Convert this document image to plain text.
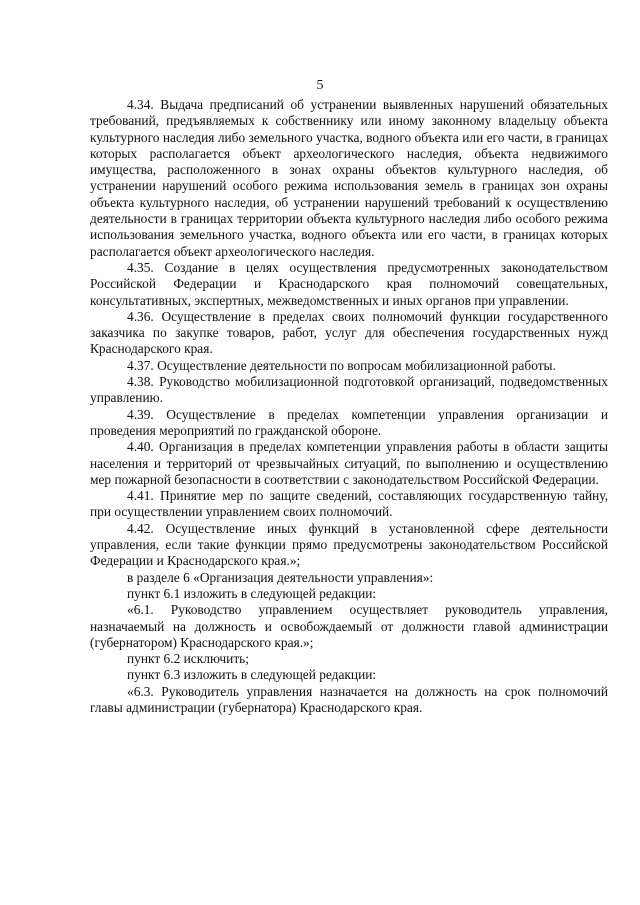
5

4.34. Выдача предписаний об устранении выявленных нарушений обязательных требований, предъявляемых к собственнику или иному законному владельцу объекта культурного наследия либо земельного участка, водного объекта или его части, в границах которых располагается объект археологического наследия, объекта недвижимого имущества, расположенного в зонах охраны объектов культурного наследия, об устранении нарушений особого режима использования земель в границах зон охраны объекта культурного наследия, об устранении нарушений требований к осуществлению деятельности в границах территории объекта культурного наследия либо особого режима использования земельного участка, водного объекта или его части, в границах которых располагается объект археологического наследия.

4.35. Создание в целях осуществления предусмотренных законодательством Российской Федерации и Краснодарского края полномочий совещательных, консультативных, экспертных, межведомственных и иных органов при управлении.

4.36. Осуществление в пределах своих полномочий функции государственного заказчика по закупке товаров, работ, услуг для обеспечения государственных нужд Краснодарского края.

4.37. Осуществление деятельности по вопросам мобилизационной работы.

4.38. Руководство мобилизационной подготовкой организаций, подведомственных управлению.

4.39. Осуществление в пределах компетенции управления организации и проведения мероприятий по гражданской обороне.

4.40. Организация в пределах компетенции управления работы в области защиты населения и территорий от чрезвычайных ситуаций, по выполнению и осуществлению мер пожарной безопасности в соответствии с законодательством Российской Федерации.

4.41. Принятие мер по защите сведений, составляющих государственную тайну, при осуществлении управлением своих полномочий.

4.42. Осуществление иных функций в установленной сфере деятельности управления, если такие функции прямо предусмотрены законодательством Российской Федерации и Краснодарского края.»;

в разделе 6 «Организация деятельности управления»:

пункт 6.1 изложить в следующей редакции:

«6.1. Руководство управлением осуществляет руководитель управления, назначаемый на должность и освобождаемый от должности главой администрации (губернатором) Краснодарского края.»;

пункт 6.2 исключить;

пункт 6.3 изложить в следующей редакции:

«6.3. Руководитель управления назначается на должность на срок полномочий главы администрации (губернатора) Краснодарского края.
